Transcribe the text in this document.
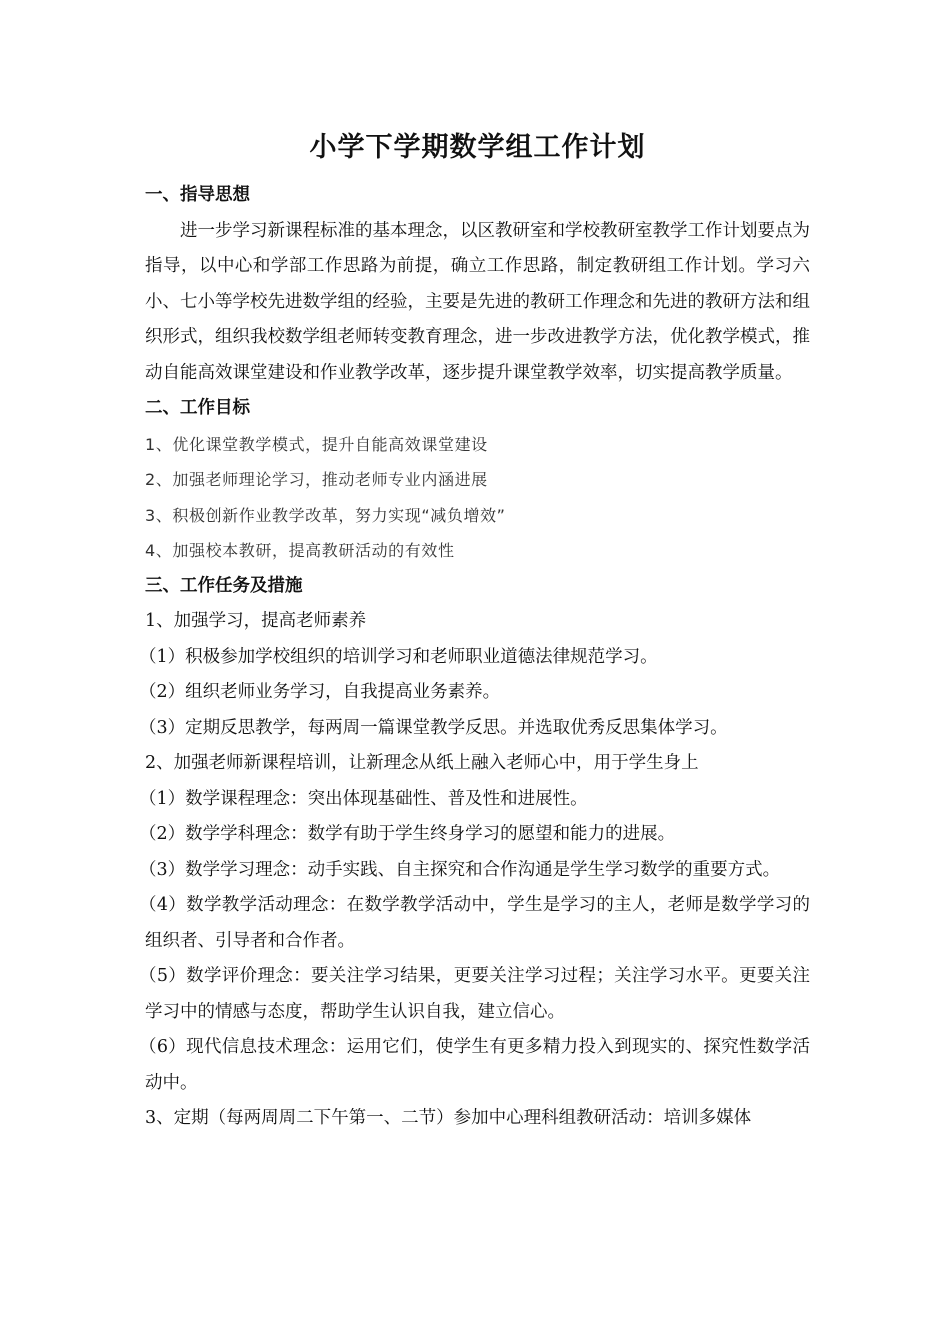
小学下学期数学组工作计划

一、指导思想

进一步学习新课程标准的基本理念，以区教研室和学校教研室教学工作计划要点为指导，以中心和学部工作思路为前提，确立工作思路，制定教研组工作计划。学习六小、七小等学校先进数学组的经验，主要是先进的教研工作理念和先进的教研方法和组织形式，组织我校数学组老师转变教育理念，进一步改进教学方法，优化教学模式，推动自能高效课堂建设和作业教学改革，逐步提升课堂教学效率，切实提高教学质量。

二、工作目标

1、优化课堂教学模式，提升自能高效课堂建设

2、加强老师理论学习，推动老师专业内涵进展

3、积极创新作业教学改革，努力实现“减负增效”

4、加强校本教研，提高教研活动的有效性

三、工作任务及措施

1、加强学习，提高老师素养

（1）积极参加学校组织的培训学习和老师职业道德法律规范学习。

（2）组织老师业务学习，自我提高业务素养。

（3）定期反思教学，每两周一篇课堂教学反思。并选取优秀反思集体学习。

2、加强老师新课程培训，让新理念从纸上融入老师心中，用于学生身上

（1）数学课程理念：突出体现基础性、普及性和进展性。

（2）数学学科理念：数学有助于学生终身学习的愿望和能力的进展。

（3）数学学习理念：动手实践、自主探究和合作沟通是学生学习数学的重要方式。

（4）数学教学活动理念：在数学教学活动中，学生是学习的主人，老师是数学学习的组织者、引导者和合作者。

（5）数学评价理念：要关注学习结果，更要关注学习过程；关注学习水平。更要关注学习中的情感与态度，帮助学生认识自我，建立信心。

（6）现代信息技术理念：运用它们，使学生有更多精力投入到现实的、探究性数学活动中。

3、定期（每两周周二下午第一、二节）参加中心理科组教研活动：培训多媒体
